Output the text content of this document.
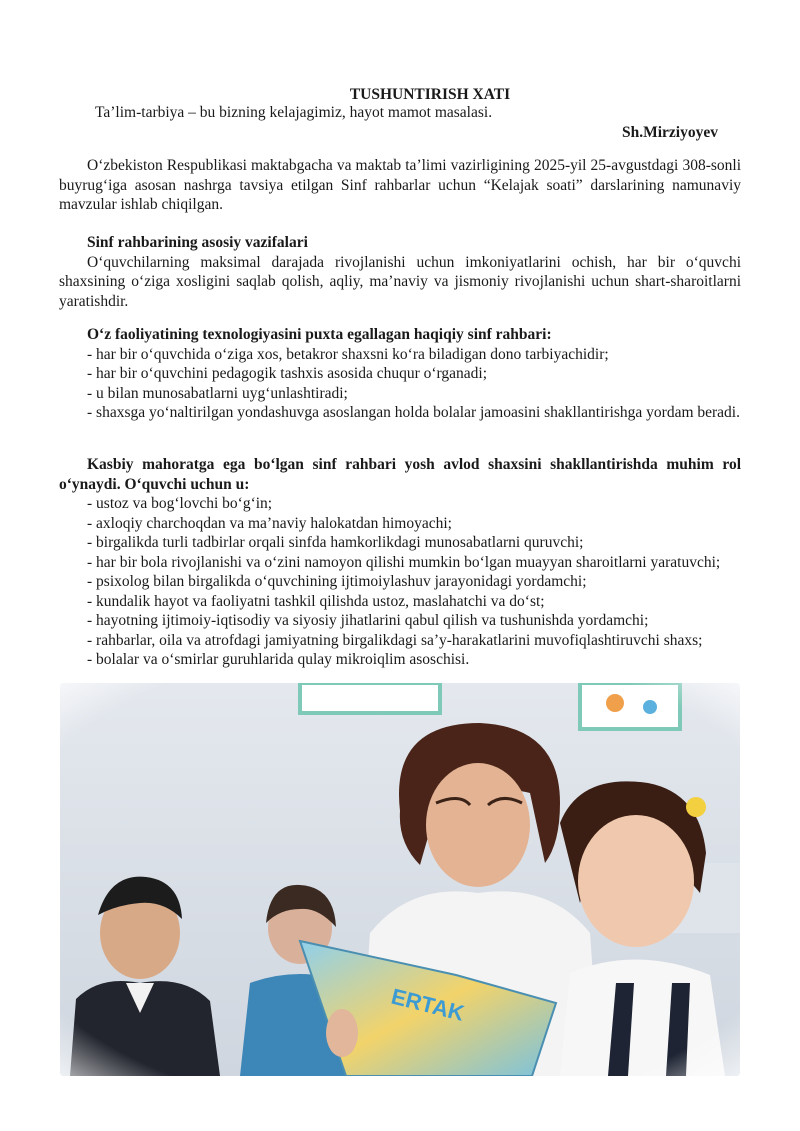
TUSHUNTIRISH XATI
Ta’lim-tarbiya – bu bizning kelajagimiz, hayot mamot masalasi.
Sh.Mirziyoyev

O‘zbekiston Respublikasi maktabgacha va maktab ta’limi vazirligining 2025-yil 25-avgustdagi 308-sonli buyrug‘iga asosan nashrga tavsiya etilgan Sinf rahbarlar uchun “Kelajak soati” darslarining namunaviy mavzular ishlab chiqilgan.

Sinf rahbarining asosiy vazifalari

O‘quvchilarning maksimal darajada rivojlanishi uchun imkoniyatlarini ochish, har bir o‘quvchi shaxsining o‘ziga xosligini saqlab qolish, aqliy, ma’naviy va jismoniy rivojlanishi uchun shart-sharoitlarni yaratishdir.

O‘z faoliyatining texnologiyasini puxta egallagan haqiqiy sinf rahbari:

- har bir o‘quvchida o‘ziga xos, betakror shaxsni ko‘ra biladigan dono tarbiyachidir;

- har bir o‘quvchini pedagogik tashxis asosida chuqur o‘rganadi;

- u bilan munosabatlarni uyg‘unlashtiradi;

- shaxsga yo‘naltirilgan yondashuvga asoslangan holda bolalar jamoasini shakllantirishga yordam beradi.

Kasbiy mahoratga ega bo‘lgan sinf rahbari yosh avlod shaxsini shakllantirishda muhim rol o‘ynaydi. O‘quvchi uchun u:

- ustoz va bog‘lovchi bo‘g‘in;

- axloqiy charchoqdan va ma’naviy halokatdan himoyachi;

- birgalikda turli tadbirlar orqali sinfda hamkorlikdagi munosabatlarni quruvchi;

- har bir bola rivojlanishi va o‘zini namoyon qilishi mumkin bo‘lgan muayyan sharoitlarni yaratuvchi;

- psixolog bilan birgalikda o‘quvchining ijtimoiylashuv jarayonidagi yordamchi;

- kundalik hayot va faoliyatni tashkil qilishda ustoz, maslahatchi va do‘st;

- hayotning ijtimoiy-iqtisodiy va siyosiy jihatlarini qabul qilish va tushunishda yordamchi;

- rahbarlar, oila va atrofdagi jamiyatning birgalikdagi sa’y-harakatlarini muvofiqlashtiruvchi shaxs;

- bolalar va o‘smirlar guruhlarida qulay mikroiqlim asoschisi.
